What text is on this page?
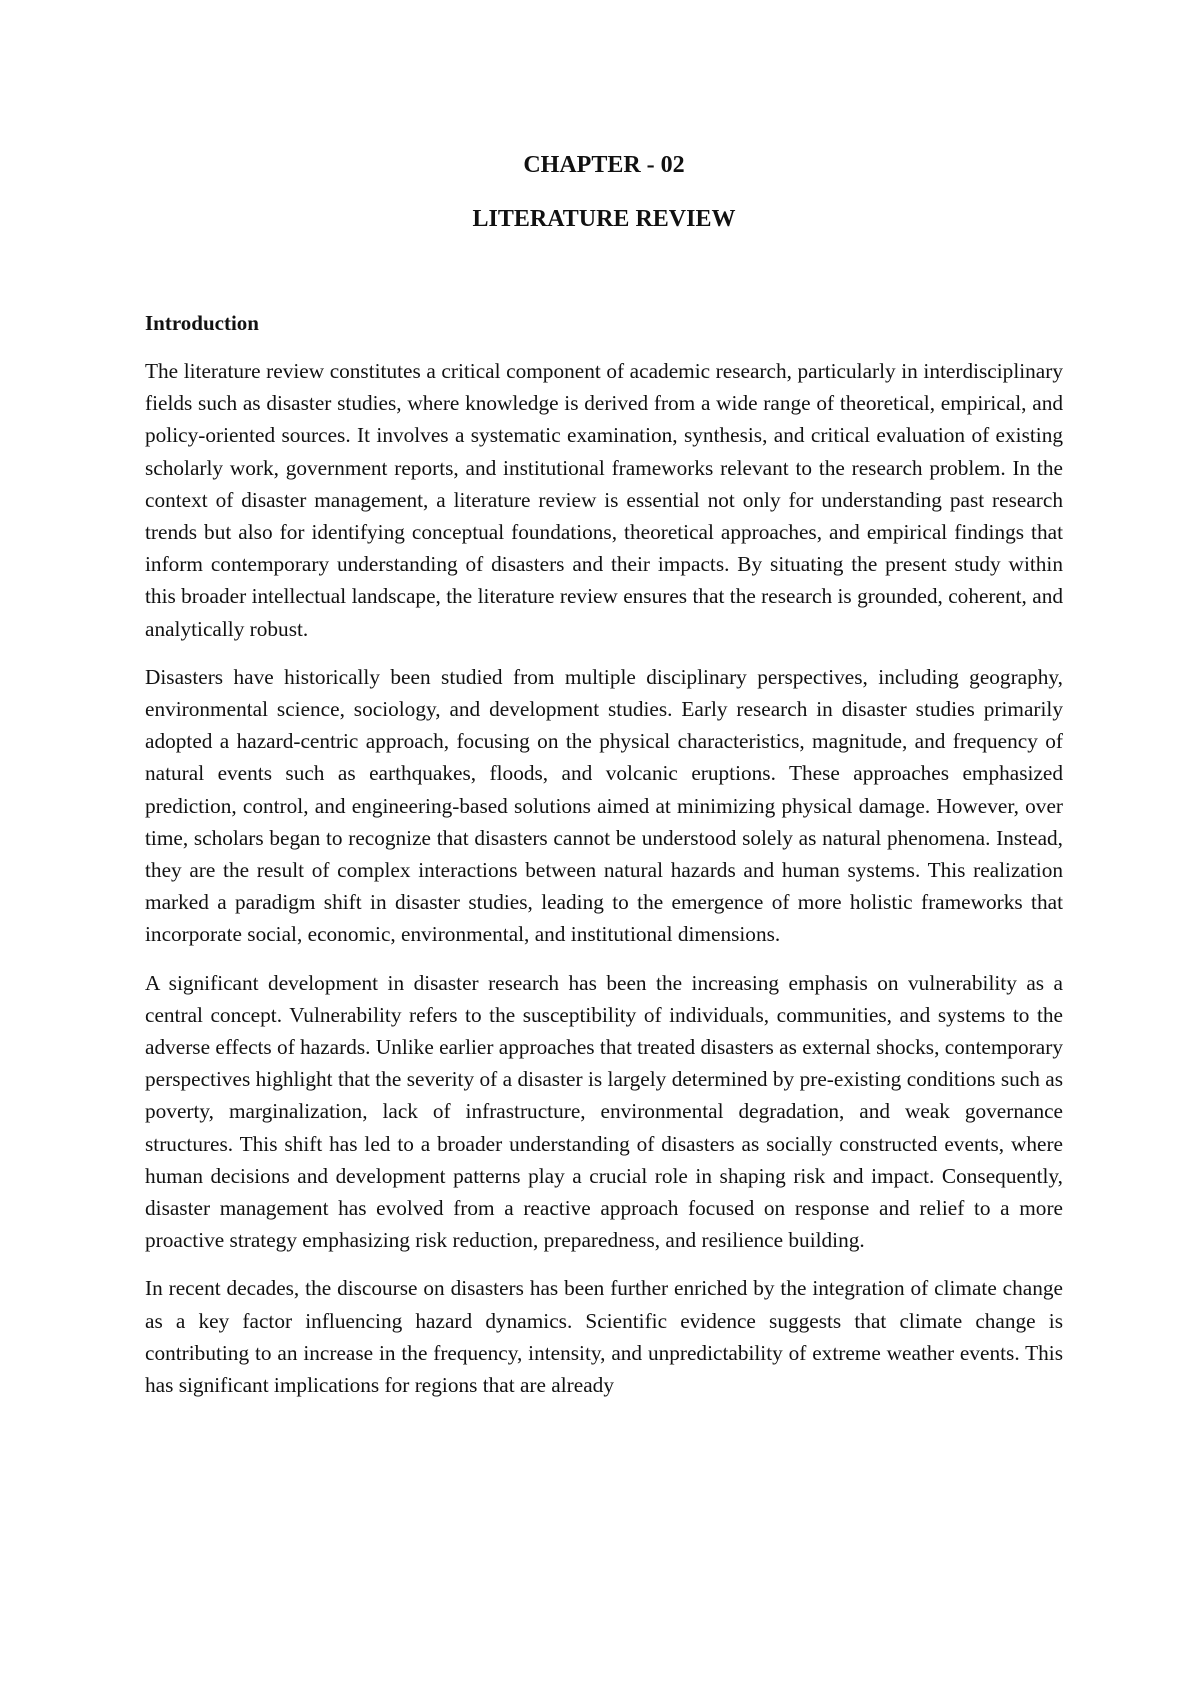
CHAPTER - 02
LITERATURE REVIEW
Introduction

The literature review constitutes a critical component of academic research, particularly in interdisciplinary fields such as disaster studies, where knowledge is derived from a wide range of theoretical, empirical, and policy-oriented sources. It involves a systematic examination, synthesis, and critical evaluation of existing scholarly work, government reports, and institutional frameworks relevant to the research problem. In the context of disaster management, a literature review is essential not only for understanding past research trends but also for identifying conceptual foundations, theoretical approaches, and empirical findings that inform contemporary understanding of disasters and their impacts. By situating the present study within this broader intellectual landscape, the literature review ensures that the research is grounded, coherent, and analytically robust.

Disasters have historically been studied from multiple disciplinary perspectives, including geography, environmental science, sociology, and development studies. Early research in disaster studies primarily adopted a hazard-centric approach, focusing on the physical characteristics, magnitude, and frequency of natural events such as earthquakes, floods, and volcanic eruptions. These approaches emphasized prediction, control, and engineering-based solutions aimed at minimizing physical damage. However, over time, scholars began to recognize that disasters cannot be understood solely as natural phenomena. Instead, they are the result of complex interactions between natural hazards and human systems. This realization marked a paradigm shift in disaster studies, leading to the emergence of more holistic frameworks that incorporate social, economic, environmental, and institutional dimensions.

A significant development in disaster research has been the increasing emphasis on vulnerability as a central concept. Vulnerability refers to the susceptibility of individuals, communities, and systems to the adverse effects of hazards. Unlike earlier approaches that treated disasters as external shocks, contemporary perspectives highlight that the severity of a disaster is largely determined by pre-existing conditions such as poverty, marginalization, lack of infrastructure, environmental degradation, and weak governance structures. This shift has led to a broader understanding of disasters as socially constructed events, where human decisions and development patterns play a crucial role in shaping risk and impact. Consequently, disaster management has evolved from a reactive approach focused on response and relief to a more proactive strategy emphasizing risk reduction, preparedness, and resilience building.

In recent decades, the discourse on disasters has been further enriched by the integration of climate change as a key factor influencing hazard dynamics. Scientific evidence suggests that climate change is contributing to an increase in the frequency, intensity, and unpredictability of extreme weather events. This has significant implications for regions that are already
